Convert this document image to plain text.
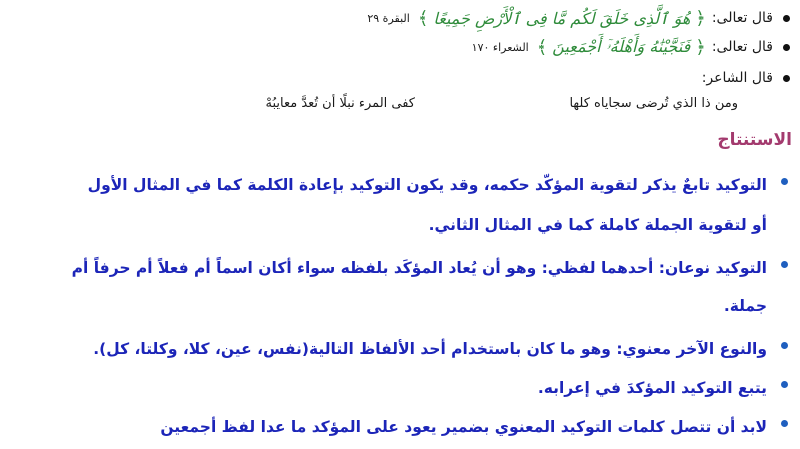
قال تعالى:
﴿
هُوَ ٱلَّذِى خَلَقَ لَكُم مَّا فِى ٱلْأَرْضِ جَمِيعًا
﴾
البقرة ٢٩
قال تعالى:
﴿
فَنَجَّيْنَٰهُ وَأَهْلَهُۥٓ أَجْمَعِينَ
﴾
الشعراء ١٧٠
قال الشاعر:
ومن ذا الذي تُرضى سجاياه كلها
كفى المرء نبلًا أن تُعدَّ معايبُهْ
الاستنتاج
التوكيد تابعٌ يذكر لتقوية المؤكّد حكمه، وقد يكون التوكيد بإعادة الكلمة كما في المثال الأول
أو لتقوية الجملة كاملة كما في المثال الثاني.
التوكيد نوعان: أحدهما لفظي: وهو أن يُعاد المؤكَد بلفظه سواء أكان اسماً أم فعلاً أم حرفاً أم
جملة.
والنوع الآخر معنوي: وهو ما كان باستخدام أحد الألفاظ التالية(نفس، عين، كلا، وكلتا، كل).
يتبع التوكيد المؤكدَ في إعرابه.
لابد أن تتصل كلمات التوكيد المعنوي بضمير يعود على المؤكد ما عدا لفظ أجمعين
